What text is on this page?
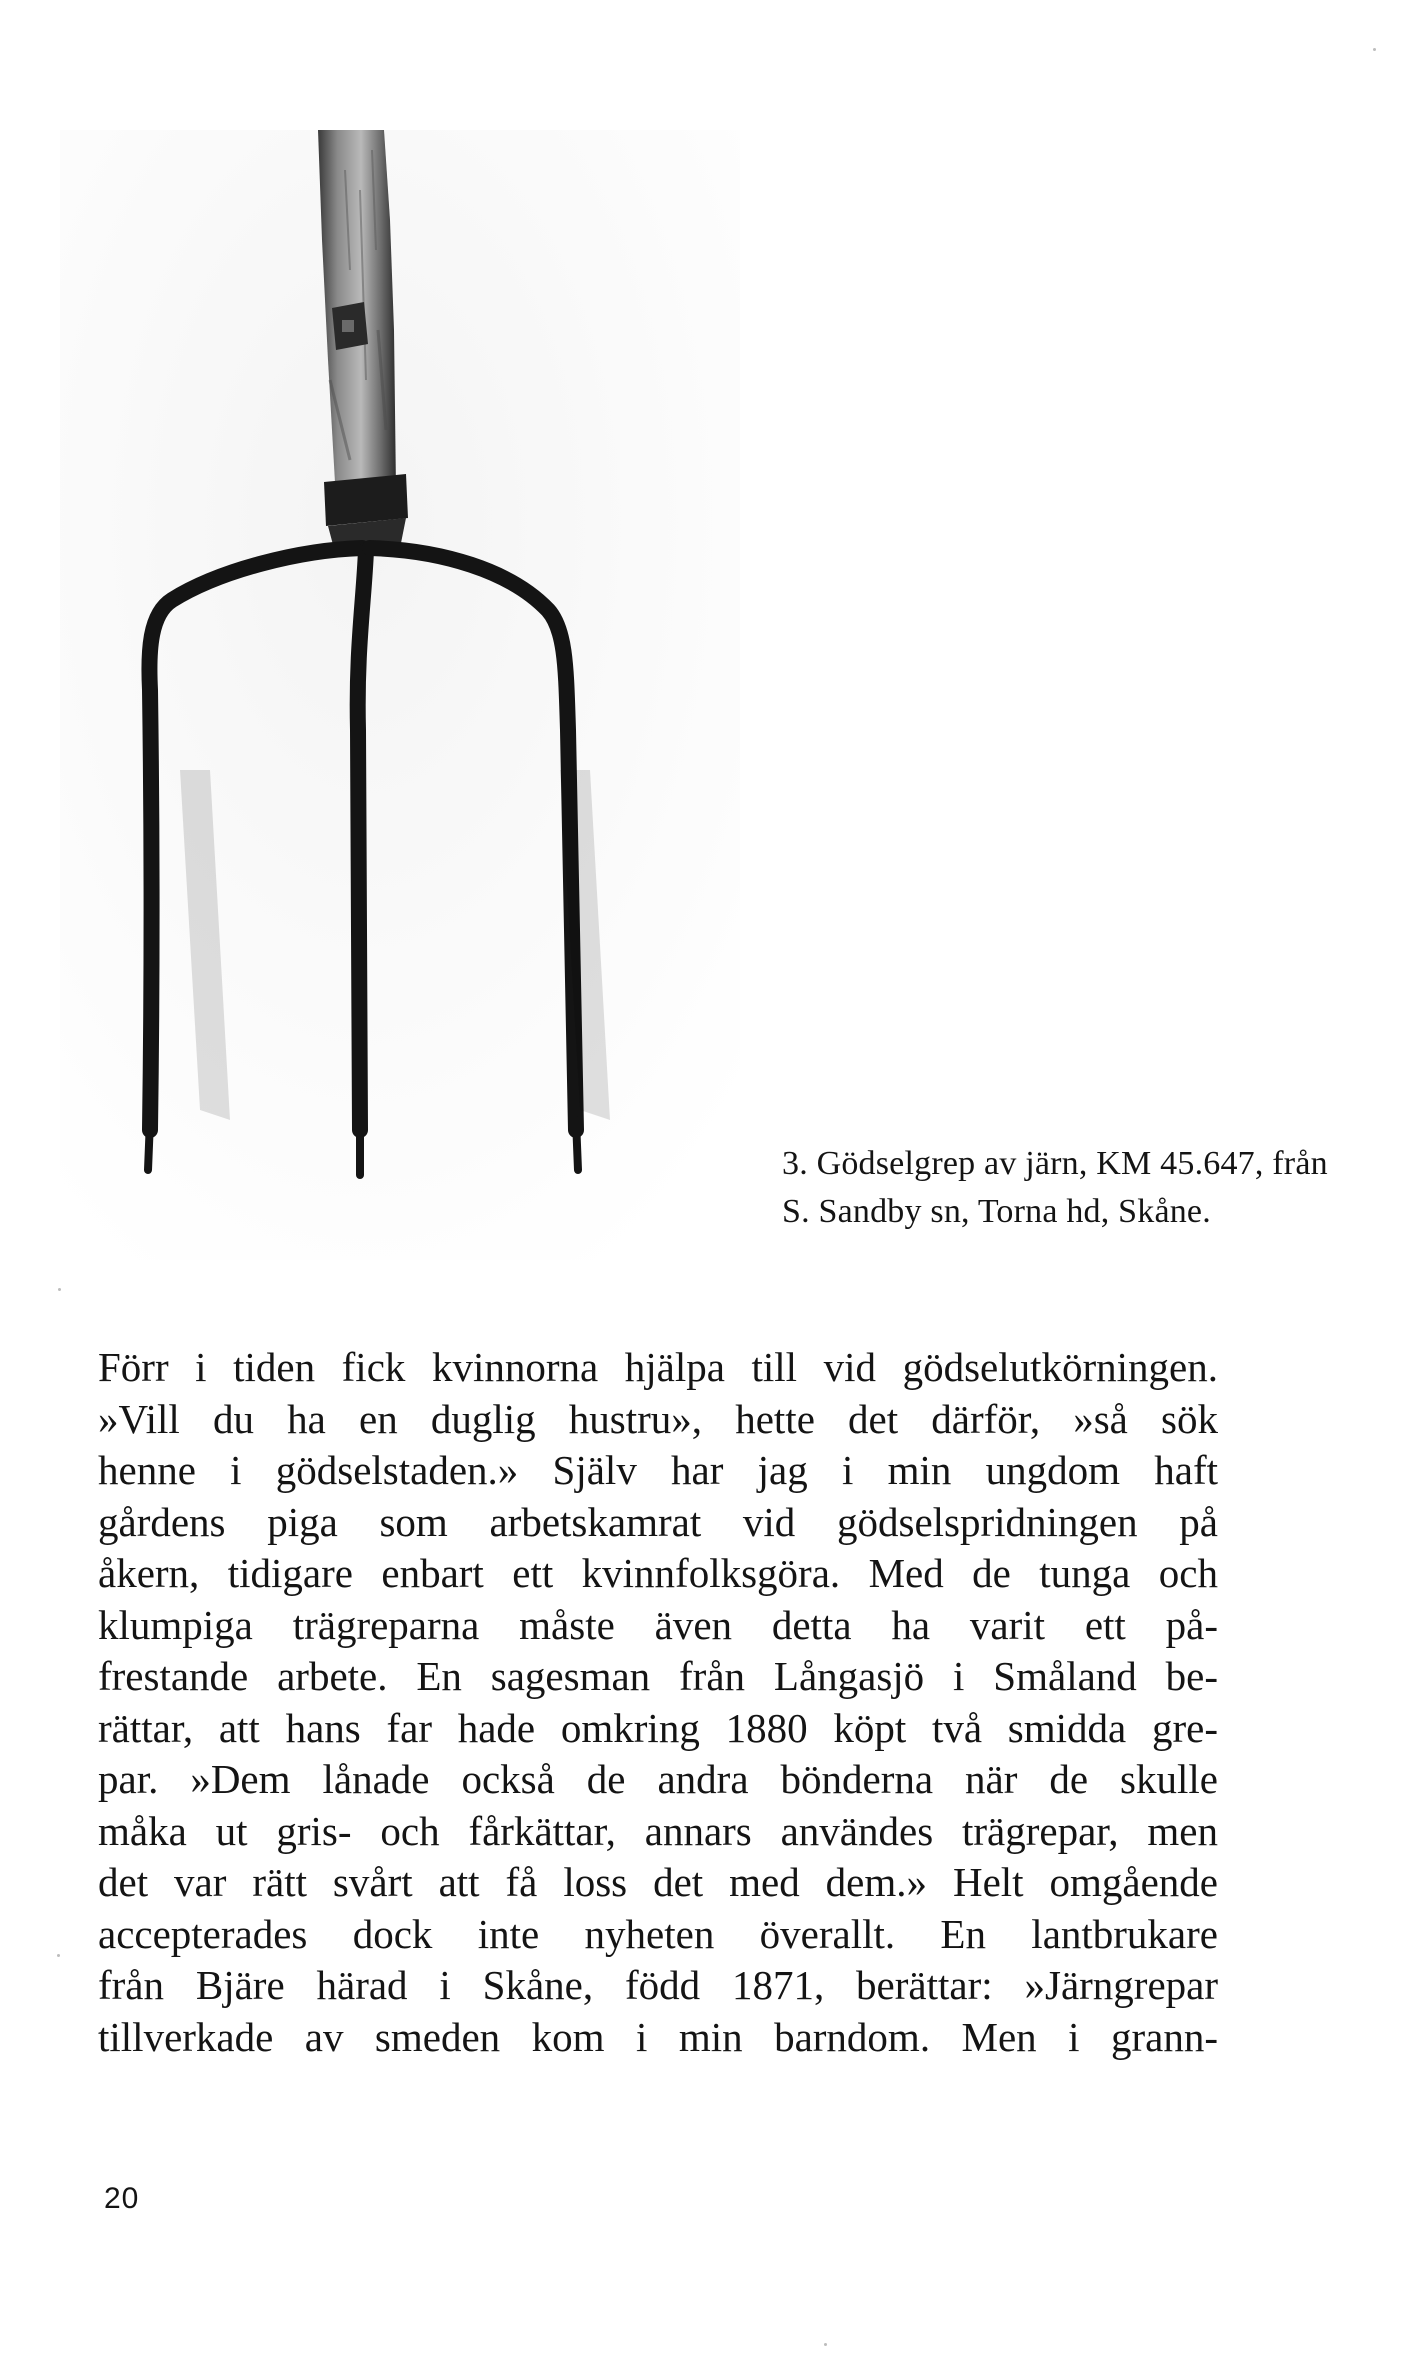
3. Gödselgrep av järn, KM 45.647, från
S. Sandby sn, Torna hd, Skåne.
Förr i tiden fick kvinnorna hjälpa till vid gödselutkörningen.
»Vill du ha en duglig hustru», hette det därför, »så sök
henne i gödselstaden.» Själv har jag i min ungdom haft
gårdens piga som arbetskamrat vid gödselspridningen på
åkern, tidigare enbart ett kvinnfolksgöra. Med de tunga och
klumpiga trägreparna måste även detta ha varit ett på-
frestande arbete. En sagesman från Långasjö i Småland be-
rättar, att hans far hade omkring 1880 köpt två smidda gre-
par. »Dem lånade också de andra bönderna när de skulle
måka ut gris- och fårkättar, annars användes trägrepar, men
det var rätt svårt att få loss det med dem.» Helt omgående
accepterades dock inte nyheten överallt. En lantbrukare
från Bjäre härad i Skåne, född 1871, berättar: »Järngrepar
tillverkade av smeden kom i min barndom. Men i grann-
20
